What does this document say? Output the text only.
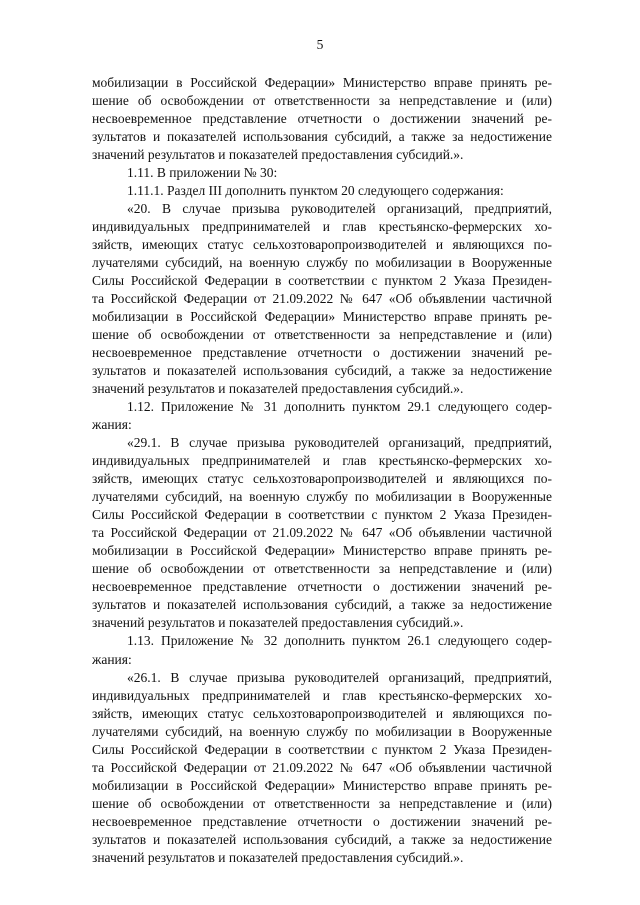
5
мобилизации в Российской Федерации» Министерство вправе принять ре-
шение об освобождении от ответственности за непредставление и (или)
несвоевременное представление отчетности о достижении значений ре-
зультатов и показателей использования субсидий, а также за недостижение
значений результатов и показателей предоставления субсидий.».
1.11. В приложении № 30:
1.11.1. Раздел III дополнить пунктом 20 следующего содержания:
«20. В случае призыва руководителей организаций, предприятий,
индивидуальных предпринимателей и глав крестьянско-фермерских хо-
зяйств, имеющих статус сельхозтоваропроизводителей и являющихся по-
лучателями субсидий, на военную службу по мобилизации в Вооруженные
Силы Российской Федерации в соответствии с пунктом 2 Указа Президен-
та Российской Федерации от 21.09.2022 № 647 «Об объявлении частичной
мобилизации в Российской Федерации» Министерство вправе принять ре-
шение об освобождении от ответственности за непредставление и (или)
несвоевременное представление отчетности о достижении значений ре-
зультатов и показателей использования субсидий, а также за недостижение
значений результатов и показателей предоставления субсидий.».
1.12. Приложение № 31 дополнить пунктом 29.1 следующего содер-
жания:
«29.1. В случае призыва руководителей организаций, предприятий,
индивидуальных предпринимателей и глав крестьянско-фермерских хо-
зяйств, имеющих статус сельхозтоваропроизводителей и являющихся по-
лучателями субсидий, на военную службу по мобилизации в Вооруженные
Силы Российской Федерации в соответствии с пунктом 2 Указа Президен-
та Российской Федерации от 21.09.2022 № 647 «Об объявлении частичной
мобилизации в Российской Федерации» Министерство вправе принять ре-
шение об освобождении от ответственности за непредставление и (или)
несвоевременное представление отчетности о достижении значений ре-
зультатов и показателей использования субсидий, а также за недостижение
значений результатов и показателей предоставления субсидий.».
1.13. Приложение № 32 дополнить пунктом 26.1 следующего содер-
жания:
«26.1. В случае призыва руководителей организаций, предприятий,
индивидуальных предпринимателей и глав крестьянско-фермерских хо-
зяйств, имеющих статус сельхозтоваропроизводителей и являющихся по-
лучателями субсидий, на военную службу по мобилизации в Вооруженные
Силы Российской Федерации в соответствии с пунктом 2 Указа Президен-
та Российской Федерации от 21.09.2022 № 647 «Об объявлении частичной
мобилизации в Российской Федерации» Министерство вправе принять ре-
шение об освобождении от ответственности за непредставление и (или)
несвоевременное представление отчетности о достижении значений ре-
зультатов и показателей использования субсидий, а также за недостижение
значений результатов и показателей предоставления субсидий.».
